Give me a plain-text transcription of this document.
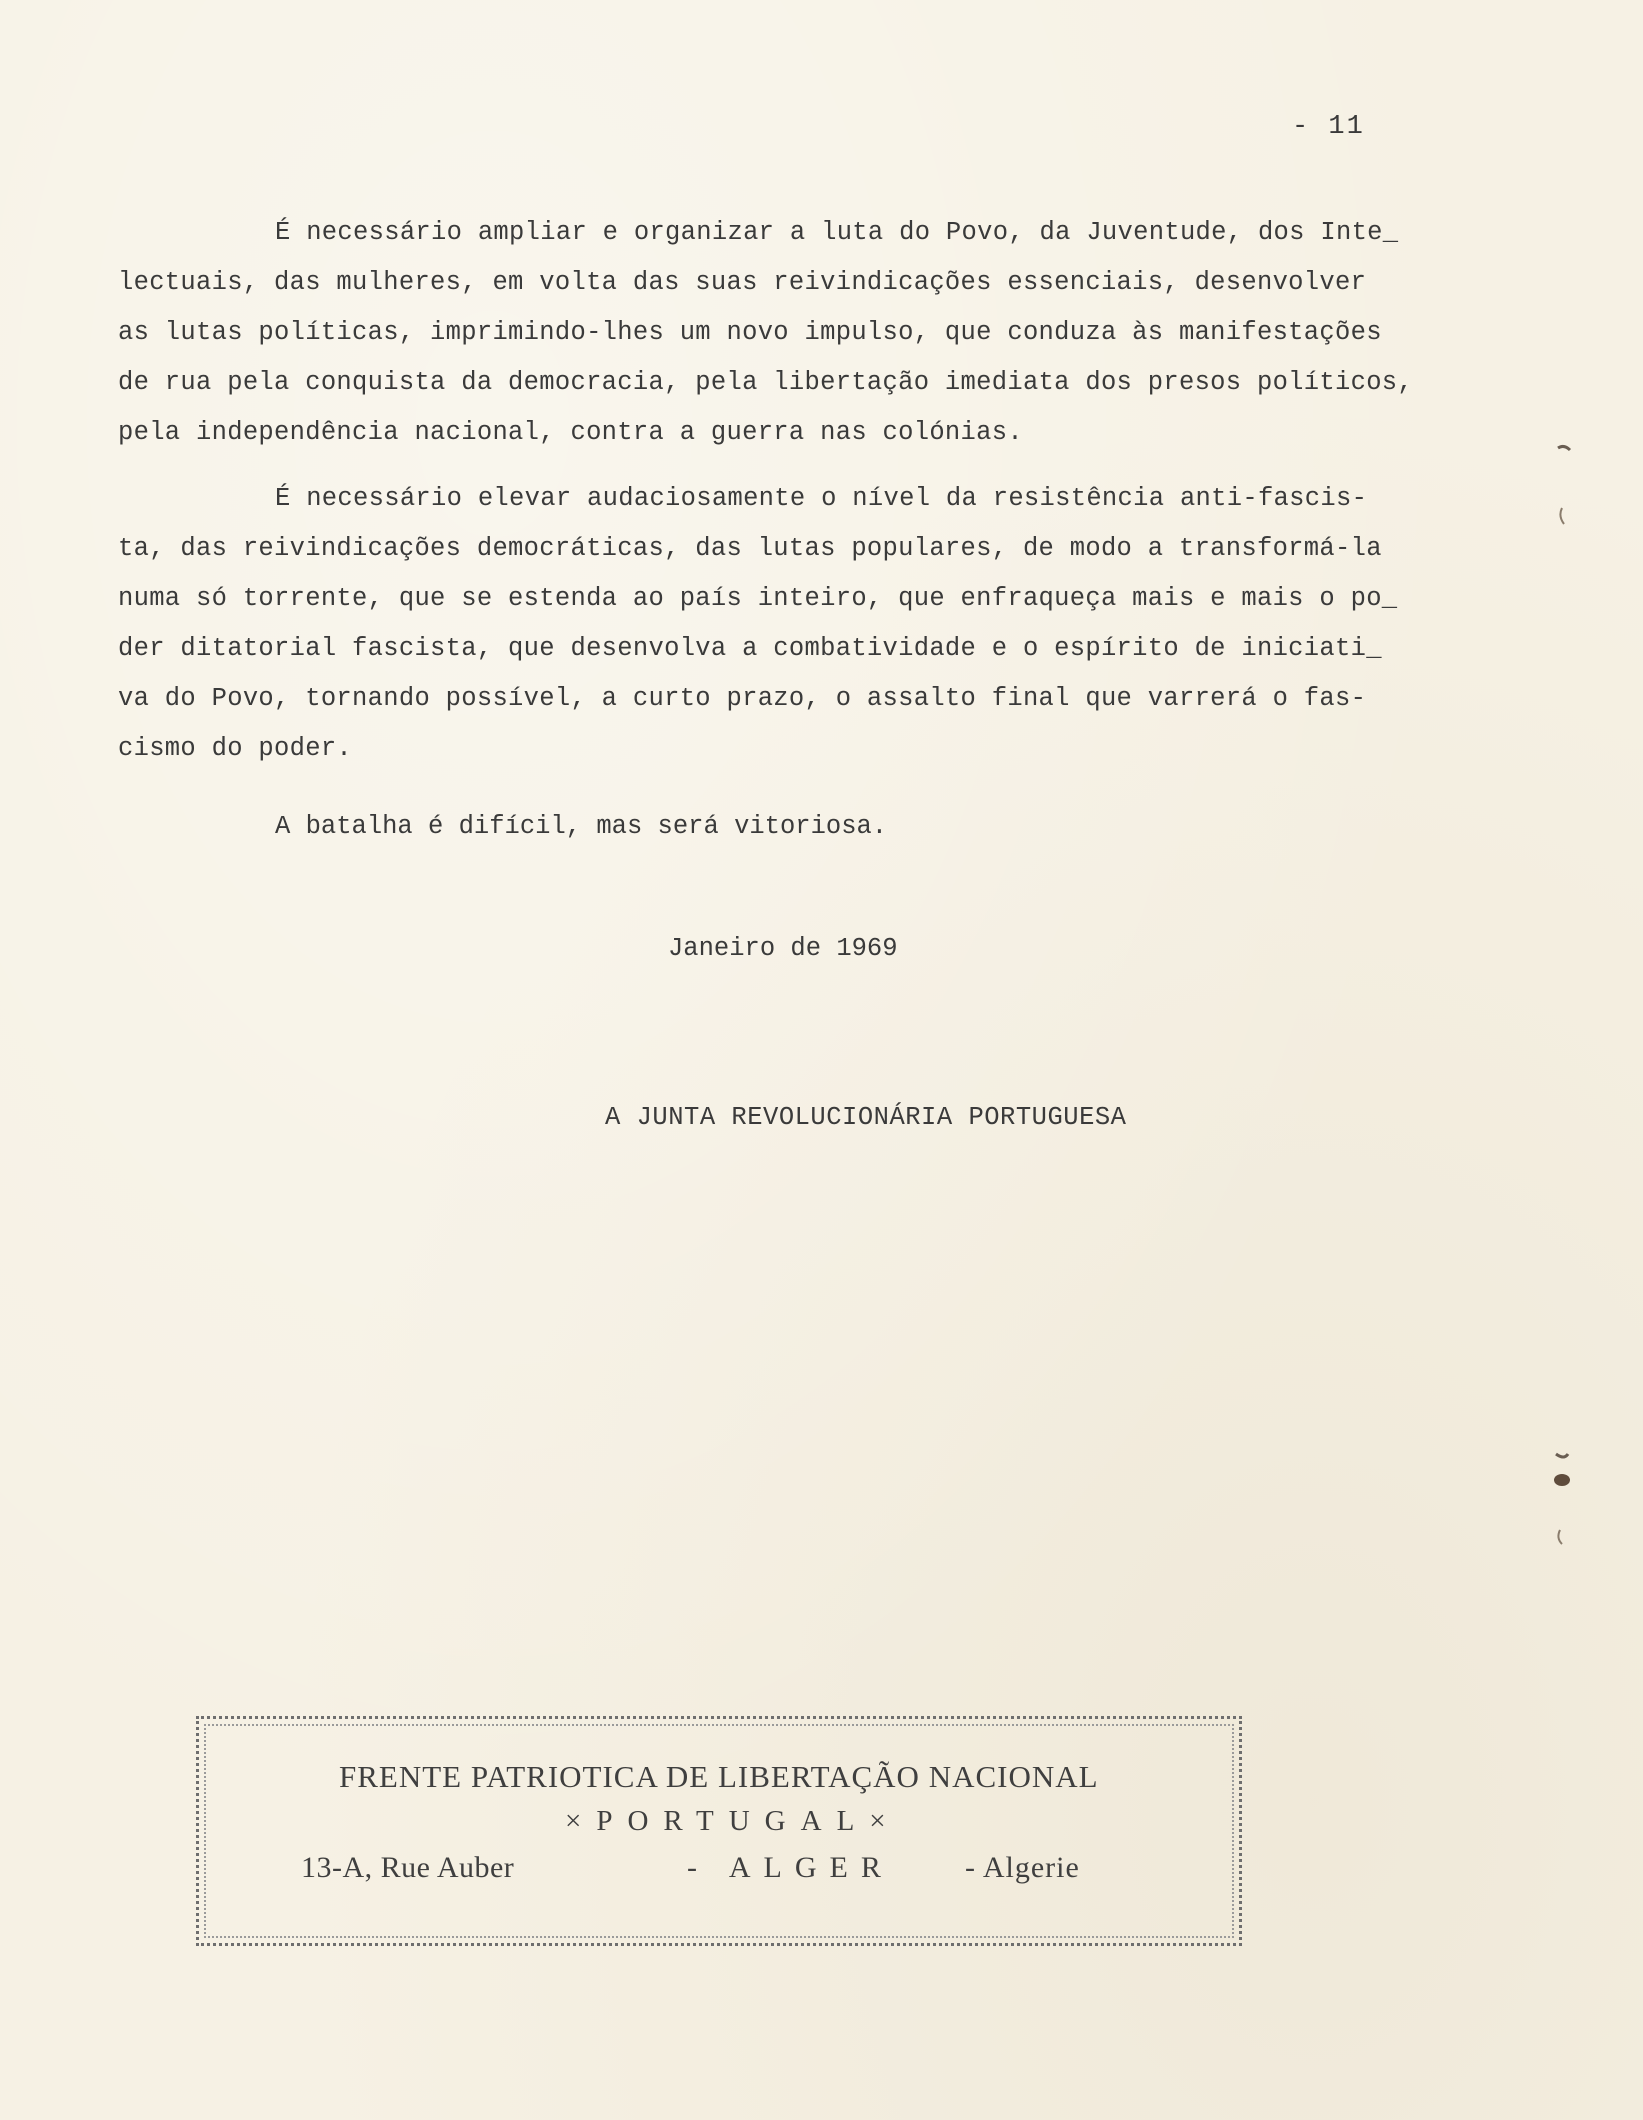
- 11

É necessário ampliar e organizar a luta do Povo, da Juventude, dos Inte_

lectuais, das mulheres, em volta das suas reivindicações essenciais, desenvolver

as lutas políticas, imprimindo-lhes um novo impulso, que conduza às manifestações

de rua pela conquista da democracia, pela libertação imediata dos presos políticos,

pela independência nacional, contra a guerra nas colónias.

É necessário elevar audaciosamente o nível da resistência anti-fascis-

ta, das reivindicações democráticas, das lutas populares, de modo a transformá-la

numa só torrente, que se estenda ao país inteiro, que enfraqueça mais e mais o po_

der ditatorial fascista, que desenvolva a combatividade e o espírito de iniciati_

va do Povo, tornando possível, a curto prazo, o assalto final que varrerá o fas-

cismo do poder.

A batalha é difícil, mas será vitoriosa.
Janeiro de 1969
A JUNTA REVOLUCIONÁRIA PORTUGUESA
FRENTE PATRIOTICA DE LIBERTAÇÃO NACIONAL
×PORTUGAL×
13-A, Rue Auber	- ALGER - Algerie
